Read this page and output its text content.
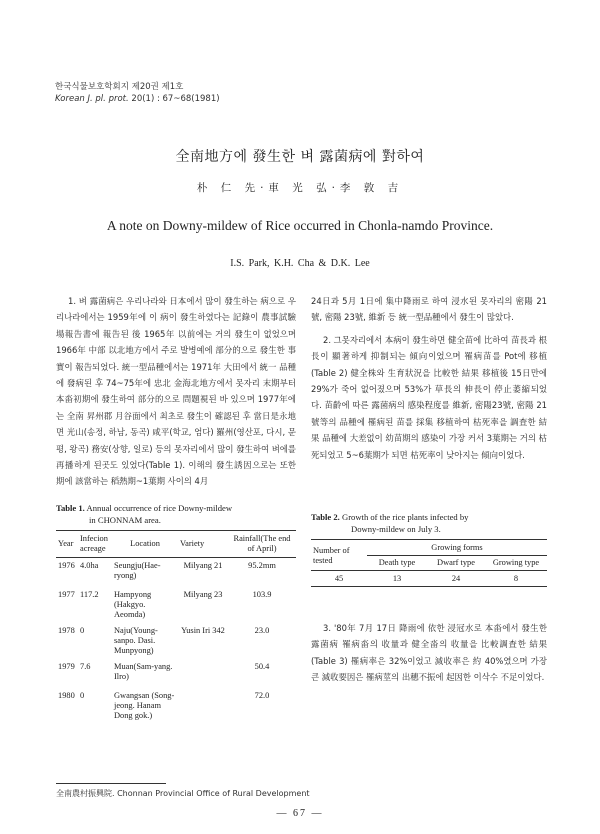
한국식물보호학회지 제20권 제1호
Korean J. pl. prot. 20(1) : 67~68(1981)
全南地方에 發生한 벼 露菌病에 對하여
朴 仁 先·車 光 弘·李 敦 吉
A note on Downy-mildew of Rice occurred in Chonla-namdo Province.
I.S. Park, K.H. Cha & D.K. Lee

1. 벼 露菌病은 우리나라와 日本에서 많이 發生하는 病으로 우리나라에서는 1959年에 이 病이 發生하였다는 記錄이 農事試驗場報告書에 報告된 後 1965年 以前에는 거의 發生이 없었으며 1966年 中部 以北地方에서 주로 발병예에 部分的으로 發生한 事實이 報告되었다. 統一型品種에서는 1971年 大田에서 統一 品種에 發病된 후 74~75年에 忠北 金海北地方에서 못자리 末期부터 本畓初期에 發生하여 部分的으로 問題視된 바 있으며 1977年에는 全南 昇州郡 月谷面에서 최초로 發生이 確認된 후 當日是永地면 光山(송정, 하남, 동곡) 咸平(학교, 엄다) 羅州(영산포, 다시, 문평, 왕곡) 務安(상향, 일로) 등의 못자리에서 많이 發生하여 벼에를 再播하게 된곳도 있었다(Table 1). 이해의 發生誘因으로는 또한 期에 該當하는 稻熱期~1葉期 사이의 4月

24日과 5月 1日에 集中降雨로 하여 浸水된 못자리의 密陽 21號, 密陽 23號, 維新 등 統一型品種에서 發生이 많았다.

2. 그못자리에서 本病이 發生하면 健全苗에 比하여 苗長과 根長이 顯著하게 抑制되는 傾向이었으며 罹病苗를 Pot에 移植(Table 2) 健全株와 生育狀況을 比較한 結果 移植後 15日만에 29%가 죽어 없어졌으며 53%가 草長의 伸長이 停止萎縮되었다. 苗齡에 따른 露菌病의 感染程度를 維新, 密陽23號, 密陽 21號等의 品種에 罹病된 苗를 採集 移植하여 枯死率을 調査한 結果 品種에 大差없이 幼苗期의 感染이 가장 커서 3葉期는 거의 枯死되었고 5~6葉期가 되면 枯死率이 낮아지는 傾向이었다.

Table 1. Annual occurrence of rice Downy-mildew
in CHONNAM area.
Year	Infecion acreage	Location	Variety	Rainfall(The end of April)
1976	4.0ha	Seungju(Hae-ryong)	Milyang 21	95.2mm
1977	117.2	Hampyong (Hakgyo. Aeomda)	Milyang 23	103.9
1978	0	Naju(Young-sanpo. Dasi. Munpyong)	Yusin Iri 342	23.0
1979	7.6	Muan(Sam-yang. Ilro)		50.4
1980	0	Gwangsan (Song-jeong. Hanam Dong gok.)		72.0
Table 2. Growth of the rice plants infected by
Downy-mildew on July 3.
Number of tested	Growing forms		
	Death type	Dwarf type	Growing type
45	13	24	8

3. '80年 7月 17日 降雨에 依한 浸冠水로 本畓에서 發生한 露菌病 罹病畓의 收量과 健全畓의 收量을 比較調査한 結果(Table 3) 罹病率은 32%이었고 減收率은 約 40%였으며 가장 큰 減收要因은 罹病莖의 出穗不振에 起因한 이삭수 不足이었다.

全南農村振興院. Chonnan Provincial Office of Rural Development
— 67 —
